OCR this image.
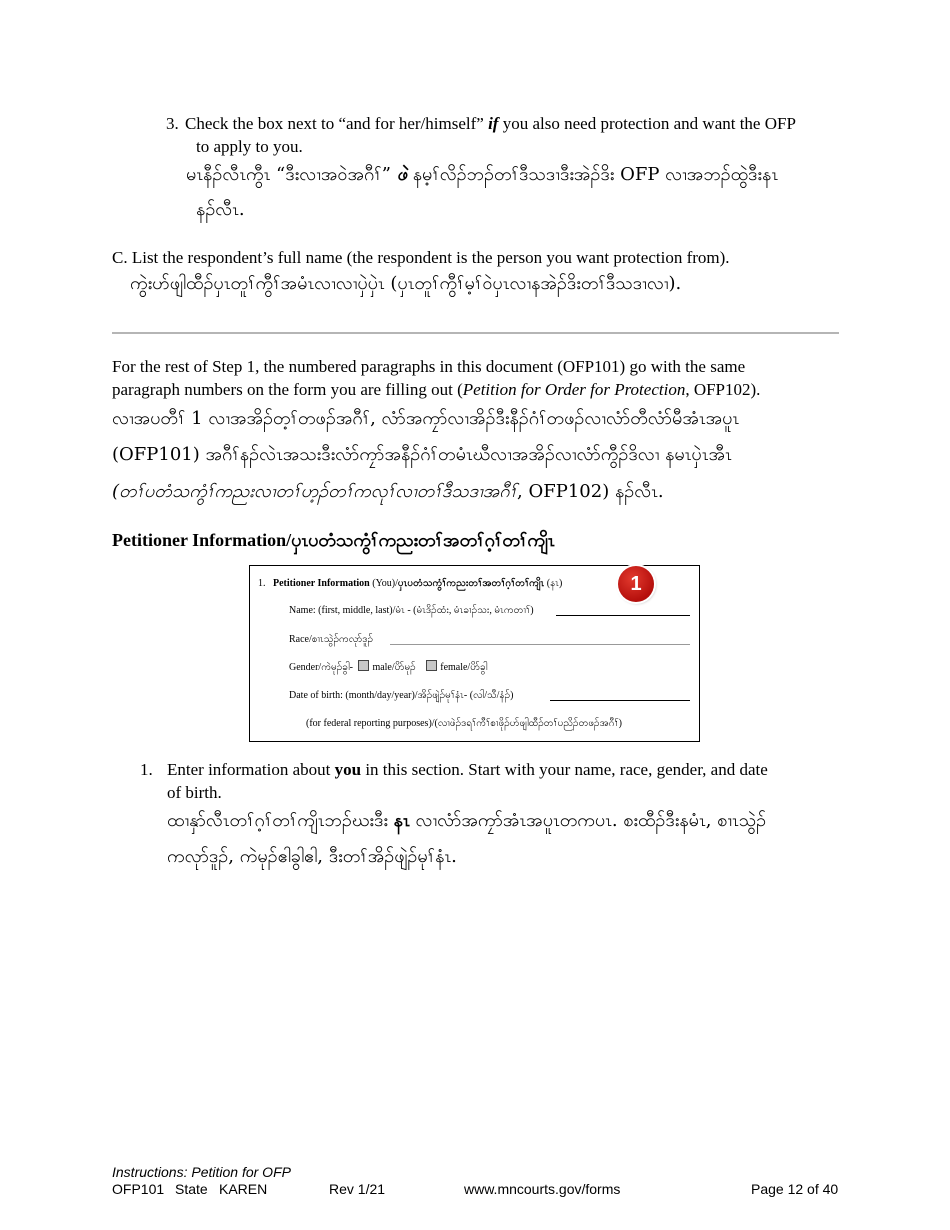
3. Check the box next to “and for her/himself” if you also need protection and want the OFP
to apply to you.
မၤနီၣ်လီၤကွီၤ “ဒီးလၢအဝဲအဂီၢ်” ဖဲ နမ့ၢ်လိၣ်ဘၣ်တၢ်ဒီသဒၢဒီးအဲၣ်ဒိး OFP လၢအဘၣ်ထွဲဒီးနၤ
နၣ်လီၤ.
C. List the respondent’s full name (the respondent is the person you want protection from).
ကွဲးဟ်ဖျါထီၣ်ပှၤတူၢ်ကွီၢ်အမံၤလၢလၢပှဲပှဲၤ (ပှၤတူၢ်ကွီၢ်မ့ၢ်ဝဲပှၤလၢနအဲၣ်ဒိးတၢ်ဒီသဒၢလၢ).
For the rest of Step 1, the numbered paragraphs in this document (OFP101) go with the same
paragraph numbers on the form you are filling out (Petition for Order for Protection, OFP102).
လၢအပတီၢ် 1 လၢအအိၣ်တ့ၢ်တဖၣ်အဂီၢ်, လံာ်အကၠာ်လၢအိၣ်ဒီးနီၣ်ဂံၢ်တဖၣ်လၢလံာ်တီလံာ်မီအံၤအပူၤ
(OFP101) အဂီၢ်နၣ်လဲၤအသးဒီးလံာ်ကၠာ်အနီၣ်ဂံၢ်တမံၤဃီလၢအအိၣ်လၢလံာ်ကွီၣ်ဒိလၢ နမၤပှဲၤအီၤ
(တၢ်ပတံသကွံၢ်ကညးလၢတၢ်ဟ့ၣ်တၢ်ကလုၢ်လၢတၢ်ဒီသဒၢအဂီၢ်, OFP102) နၣ်လီၤ.
Petitioner Information/ပှၤပတံသကွံၢ်ကညးတၢ်အတၢ်ဂ့ၢ်တၢ်ကျိၤ
1. Petitioner Information (You)/ပှၤပတံသကွံၢ်ကညးတၢ်အတၢ်ဂ့ၢ်တၢ်ကျိၤ (နၤ)	1
Name: (first, middle, last)/မံၤ - (မံၤဒိၣ်ထံး, မံၤခၢၣ်သး, မံၤကတၢၢ်)
Race/စၢၤသွဲၣ်ကလုာ်ဒူၣ်
Gender/ကဲမုၣ်ခွါ- male/ပိာ်မုၣ် female/ပိာ်ခွါ
Date of birth: (month/day/year)/အိၣ်ဖျဲၣ်မုၢ်နံၤ- (လါ/သီ/နံၣ်)
(for federal reporting purposes)/(လၢဖဲၣ်ဒရၢ်ကီၢ်စၢဖိုၣ်ဟ်ဖျါထီၣ်တၢ်ပညိၣ်တဖၣ်အဂီၢ်)
1. Enter information about you in this section. Start with your name, race, gender, and date
of birth.
ထၢနှာ်လီၤတၢ်ဂ့ၢ်တၢ်ကျိၤဘၣ်ဃးဒီး နၤ လၢလံာ်အကၠာ်အံၤအပူၤတကပၤ. စးထီၣ်ဒီးနမံၤ, စၢၤသွဲၣ်
ကလုာ်ဒူၣ်, ကဲမုၣ်ဧါခွါဧါ, ဒီးတၢ်အိၣ်ဖျဲၣ်မုၢ်နံၤ.
Instructions: Petition for OFP
OFP101 State KAREN	Rev 1/21	www.mncourts.gov/forms	Page 12 of 40
